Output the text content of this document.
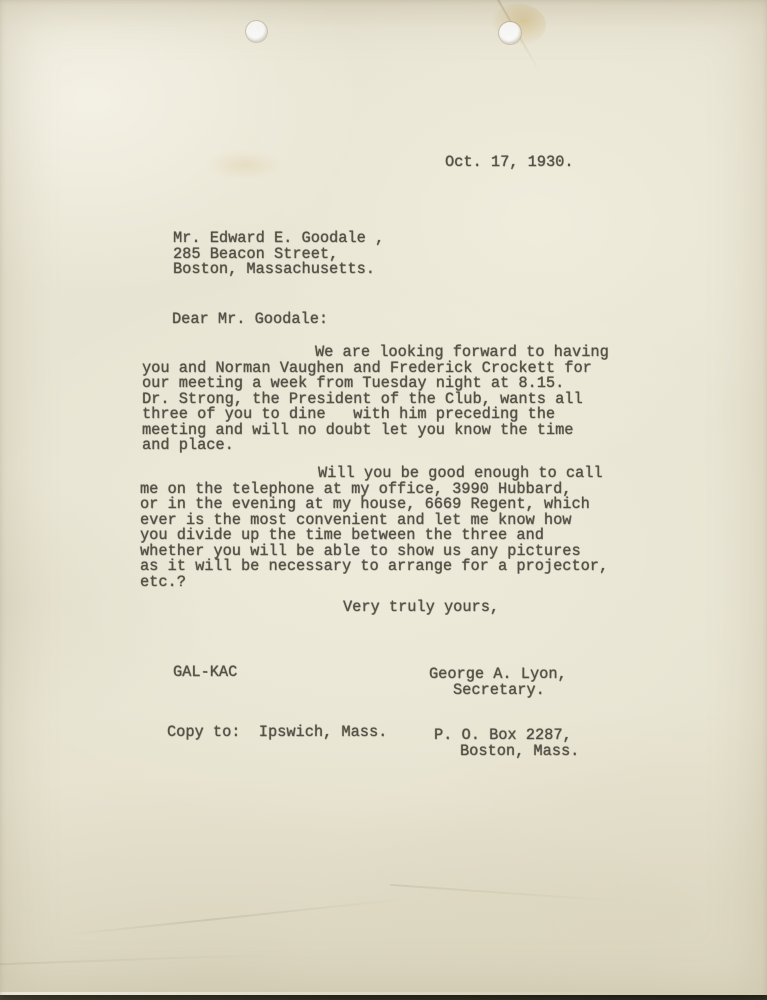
Oct. 17, 1930.
Mr. Edward E. Goodale ,
285 Beacon Street,
Boston, Massachusetts.
Dear Mr. Goodale:
We are looking forward to having
you and Norman Vaughen and Frederick Crockett for
our meeting a week from Tuesday night at 8.15.
Dr. Strong, the President of the Club, wants all
three of you to dine   with him preceding the
meeting and will no doubt let you know the time
and place.
Will you be good enough to call
me on the telephone at my office, 3990 Hubbard,
or in the evening at my house, 6669 Regent, which
ever is the most convenient and let me know how
you divide up the time between the three and
whether you will be able to show us any pictures
as it will be necessary to arrange for a projector,
etc.?
Very truly yours,
GAL-KAC	George A. Lyon,
Secretary.
Copy to:  Ipswich, Mass.	P. O. Box 2287,
Boston, Mass.
